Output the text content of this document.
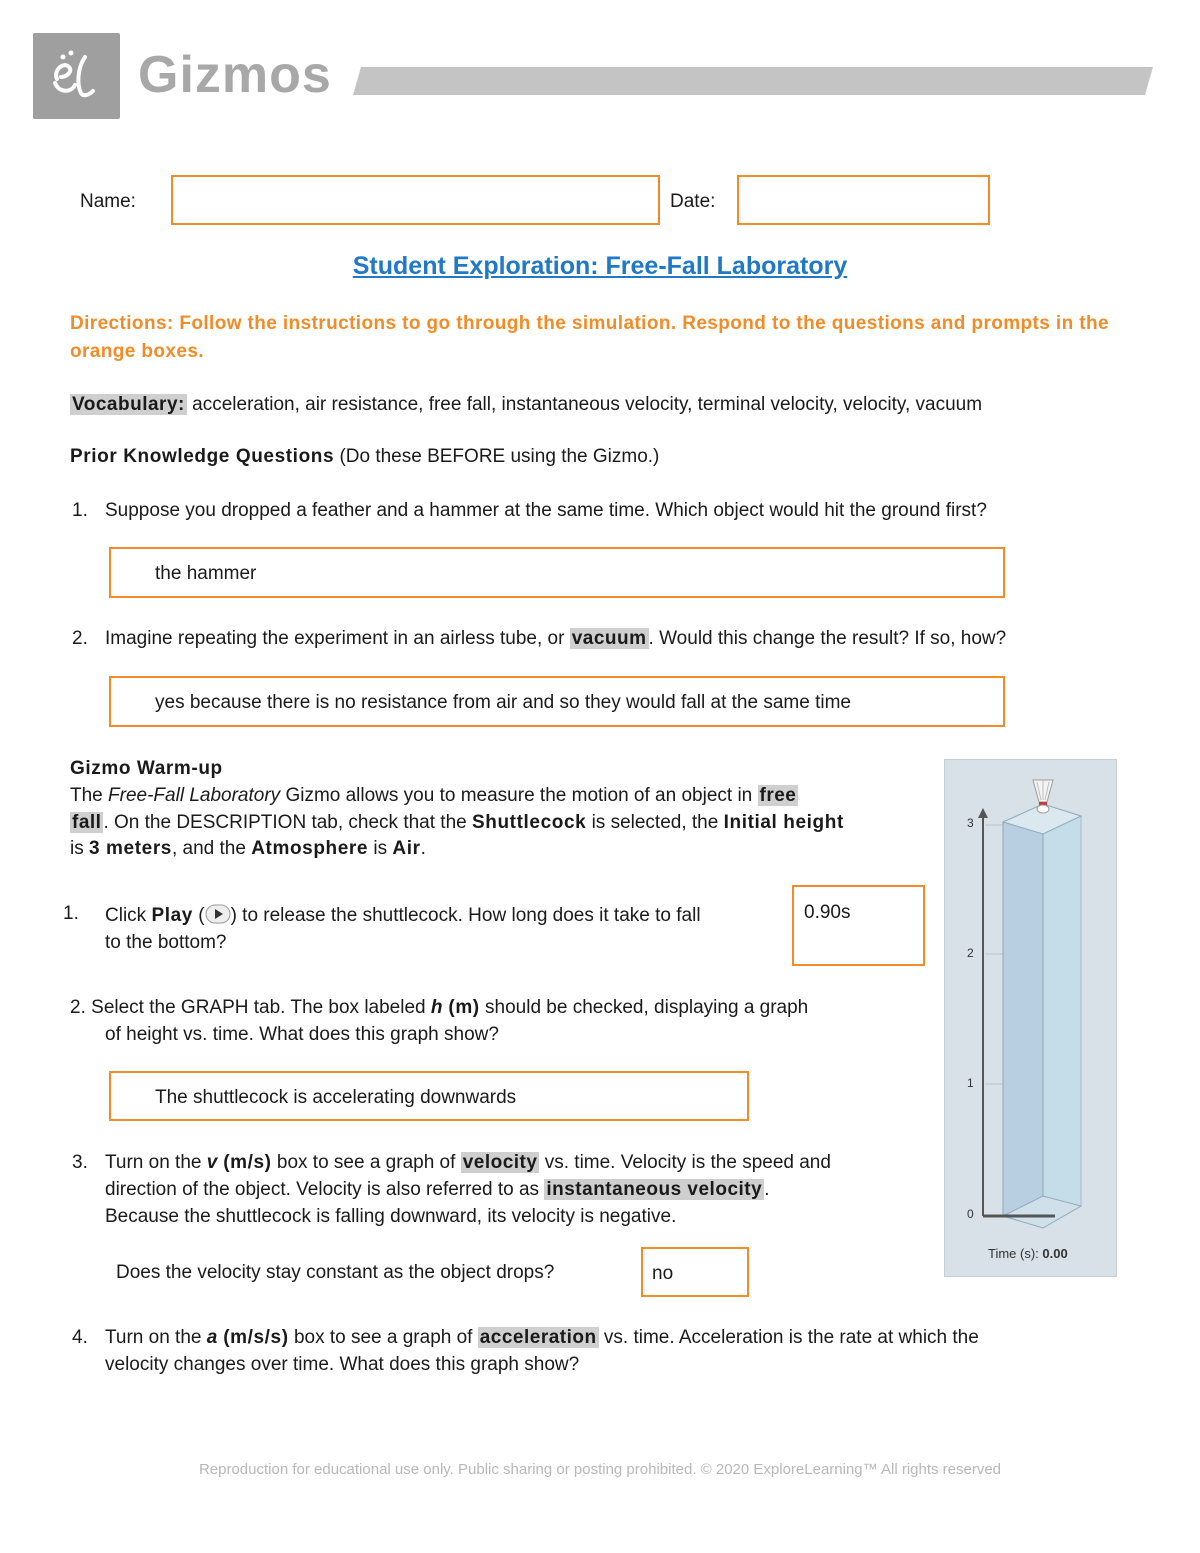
Gizmos
Name:	Date:
Student Exploration: Free-Fall Laboratory
Directions: Follow the instructions to go through the simulation. Respond to the questions and prompts in the orange boxes.
Vocabulary: acceleration, air resistance, free fall, instantaneous velocity, terminal velocity, velocity, vacuum
Prior Knowledge Questions (Do these BEFORE using the Gizmo.)
1. Suppose you dropped a feather and a hammer at the same time. Which object would hit the ground first?
the hammer
2. Imagine repeating the experiment in an airless tube, or vacuum . Would this change the result? If so, how?
yes because there is no resistance from air and so they would fall at the same time
Gizmo Warm-up
The Free-Fall Laboratory Gizmo allows you to measure the motion of an object in free
fall . On the DESCRIPTION tab, check that the Shuttlecock is selected, the Initial height
is 3 meters, and the Atmosphere is Air.
1. Click Play ( ) to release the shuttlecock. How long does it take to fall
to the bottom?
0.90s
2. Select the GRAPH tab. The box labeled h (m) should be checked, displaying a graph
of height vs. time. What does this graph show?
The shuttlecock is accelerating downwards
3. Turn on the v (m/s) box to see a graph of velocity vs. time. Velocity is the speed and
direction of the object. Velocity is also referred to as instantaneous velocity .
Because the shuttlecock is falling downward, its velocity is negative.
Does the velocity stay constant as the object drops?	no
4. Turn on the a (m/s/s) box to see a graph of acceleration vs. time. Acceleration is the rate at which the
velocity changes over time. What does this graph show?
3
2
1
0
Time (s): 0.00
Reproduction for educational use only. Public sharing or posting prohibited. © 2020 ExploreLearning™ All rights reserved
